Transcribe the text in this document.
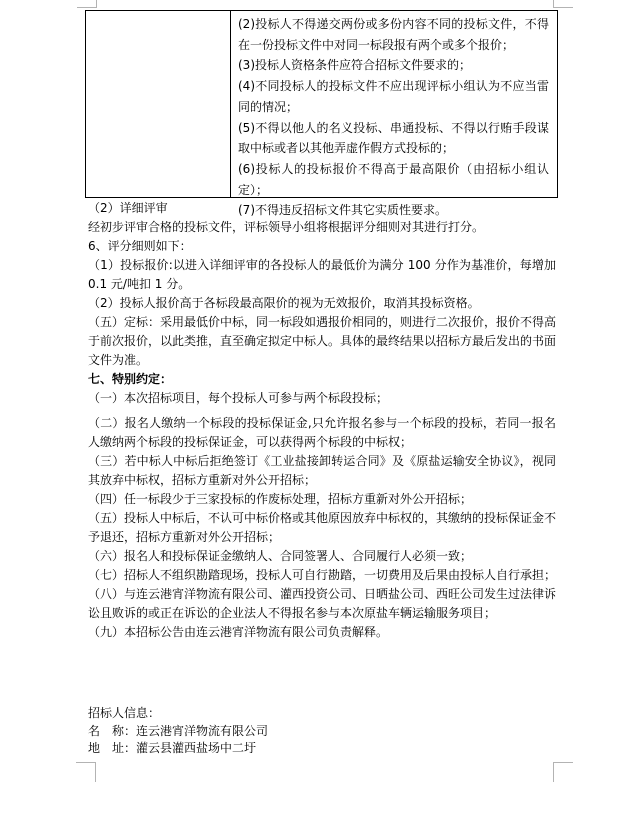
(2)投标人不得递交两份或多份内容不同的投标文件，不得在一份投标文件中对同一标段报有两个或多个报价；
(3)投标人资格条件应符合招标文件要求的；
(4)不同投标人的投标文件不应出现评标小组认为不应当雷同的情况；
(5)不得以他人的名义投标、串通投标、不得以行贿手段谋取中标或者以其他弄虚作假方式投标的；
(6)投标人的投标报价不得高于最高限价（由招标小组认定）；
(7)不得违反招标文件其它实质性要求。
（2）详细评审
经初步评审合格的投标文件，评标领导小组将根据评分细则对其进行打分。
6、评分细则如下：
（1）投标报价:以进入详细评审的各投标人的最低价为满分 100 分作为基准价，每增加 0.1 元/吨扣 1 分。
（2）投标人报价高于各标段最高限价的视为无效报价，取消其投标资格。
（五）定标：采用最低价中标，同一标段如遇报价相同的，则进行二次报价，报价不得高于前次报价，以此类推，直至确定拟定中标人。具体的最终结果以招标方最后发出的书面文件为准。
七、特别约定：
（一）本次招标项目，每个投标人可参与两个标段投标；
（二）报名人缴纳一个标段的投标保证金,只允许报名参与一个标段的投标，若同一报名人缴纳两个标段的投标保证金，可以获得两个标段的中标权；
（三）若中标人中标后拒绝签订《工业盐接卸转运合同》及《原盐运输安全协议》，视同其放弃中标权，招标方重新对外公开招标；
（四）任一标段少于三家投标的作废标处理，招标方重新对外公开招标；
（五）投标人中标后，不认可中标价格或其他原因放弃中标权的，其缴纳的投标保证金不予退还，招标方重新对外公开招标；
（六）报名人和投标保证金缴纳人、合同签署人、合同履行人必须一致；
（七）招标人不组织勘踏现场，投标人可自行勘踏，一切费用及后果由投标人自行承担；
（八）与连云港宵洋物流有限公司、灌西投资公司、日晒盐公司、西旺公司发生过法律诉讼且败诉的或正在诉讼的企业法人不得报名参与本次原盐车辆运输服务项目；
（九）本招标公告由连云港宵洋物流有限公司负责解释。
招标人信息：
名　称：连云港宵洋物流有限公司
地　址：灌云县灌西盐场中二圩
